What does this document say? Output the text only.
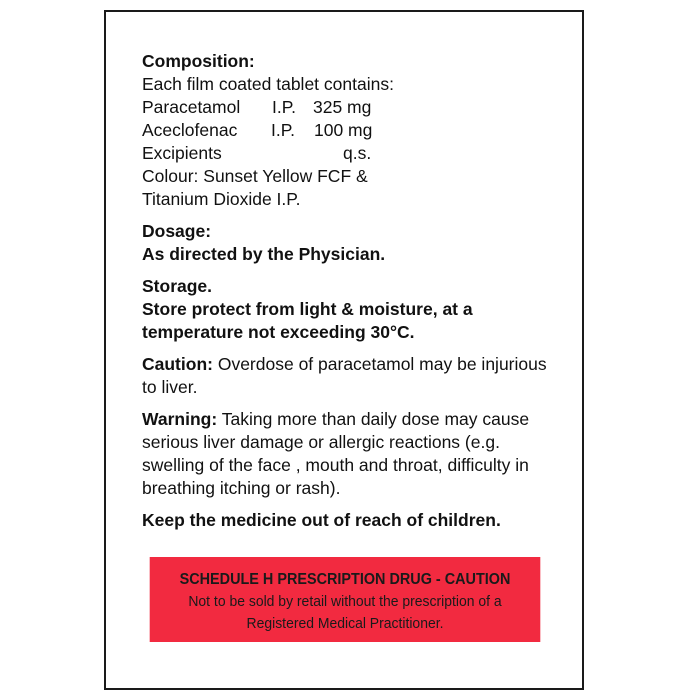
Composition:
Each film coated tablet contains:
Paracetamol	I.P. 325 mg
Aceclofenac	I.P.	100 mg
Excipients	q.s.
Colour: Sunset Yellow FCF &
Titanium Dioxide I.P.
Dosage:
As directed by the Physician.
Storage.
Store protect from light & moisture, at a
temperature not exceeding 30°C.
Caution: Overdose of paracetamol may be injurious to liver.
Warning: Taking more than daily dose may cause serious liver damage or allergic reactions (e.g. swelling of the face , mouth and throat, difficulty in breathing itching or rash).
Keep the medicine out of reach of children.
SCHEDULE H PRESCRIPTION DRUG - CAUTION
Not to be sold by retail without the prescription of a
Registered Medical Practitioner.
